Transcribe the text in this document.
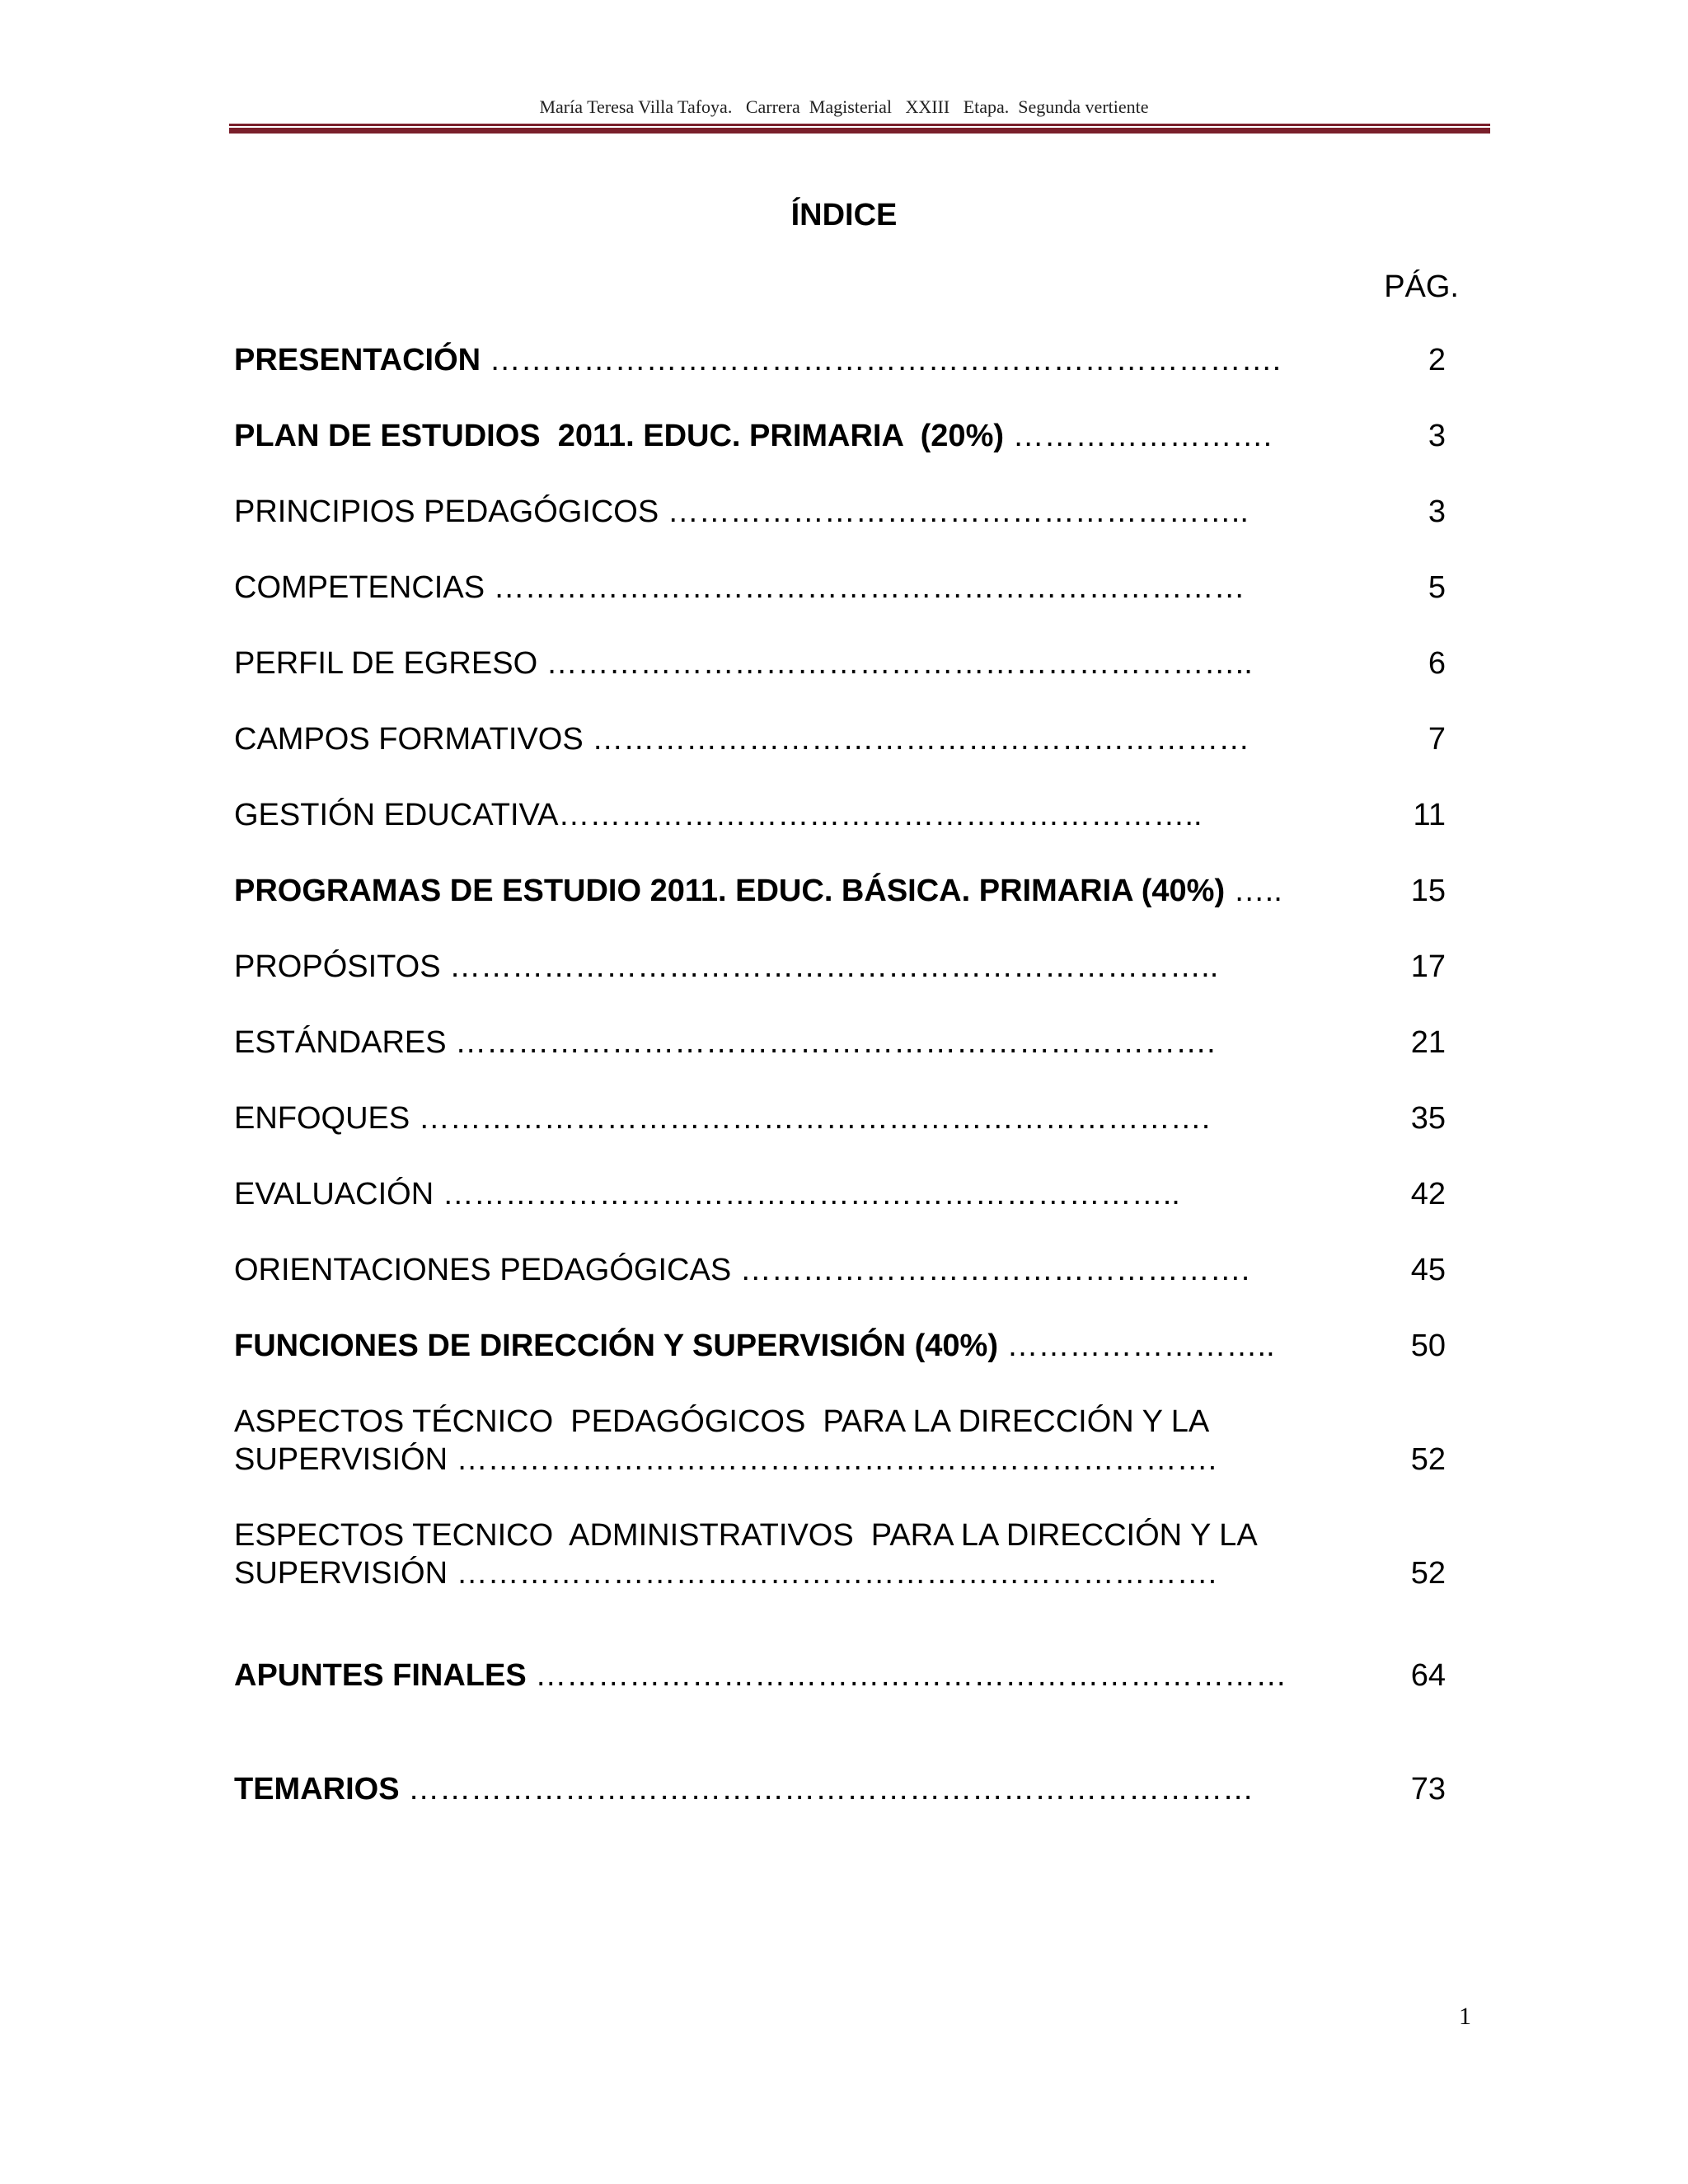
María Teresa Villa Tafoya.   Carrera  Magisterial   XXIII   Etapa.  Segunda vertiente
ÍNDICE
PÁG.
PRESENTACIÓN ………………………………………………………………….	2
PLAN DE ESTUDIOS  2011. EDUC. PRIMARIA  (20%) …………………….	3
PRINCIPIOS PEDAGÓGICOS ………………………………………………..	3
COMPETENCIAS ………………………………………………………………	5
PERFIL DE EGRESO …………………………………………………………..	6
CAMPOS FORMATIVOS ………………………………………………………	7
GESTIÓN EDUCATIVA……………………………………………………..	11
PROGRAMAS DE ESTUDIO 2011. EDUC. BÁSICA. PRIMARIA (40%) …..	15
PROPÓSITOS ………………………………………………………………..	17
ESTÁNDARES ……………………………………………………………….	21
ENFOQUES ………………………………………………………………….	35
EVALUACIÓN ……………………………………………………………..	42
ORIENTACIONES PEDAGÓGICAS ………………………………………….	45
FUNCIONES DE DIRECCIÓN Y SUPERVISIÓN (40%) ……………………..	50
ASPECTOS TÉCNICO  PEDAGÓGICOS  PARA LA DIRECCIÓN Y LA
SUPERVISIÓN ……………………………………………………………….	52
ESPECTOS TECNICO  ADMINISTRATIVOS  PARA LA DIRECCIÓN Y LA
SUPERVISIÓN ……………………………………………………………….	52
APUNTES FINALES ………………………………………………………………	64
TEMARIOS ………………………………………………………………………	73
1
